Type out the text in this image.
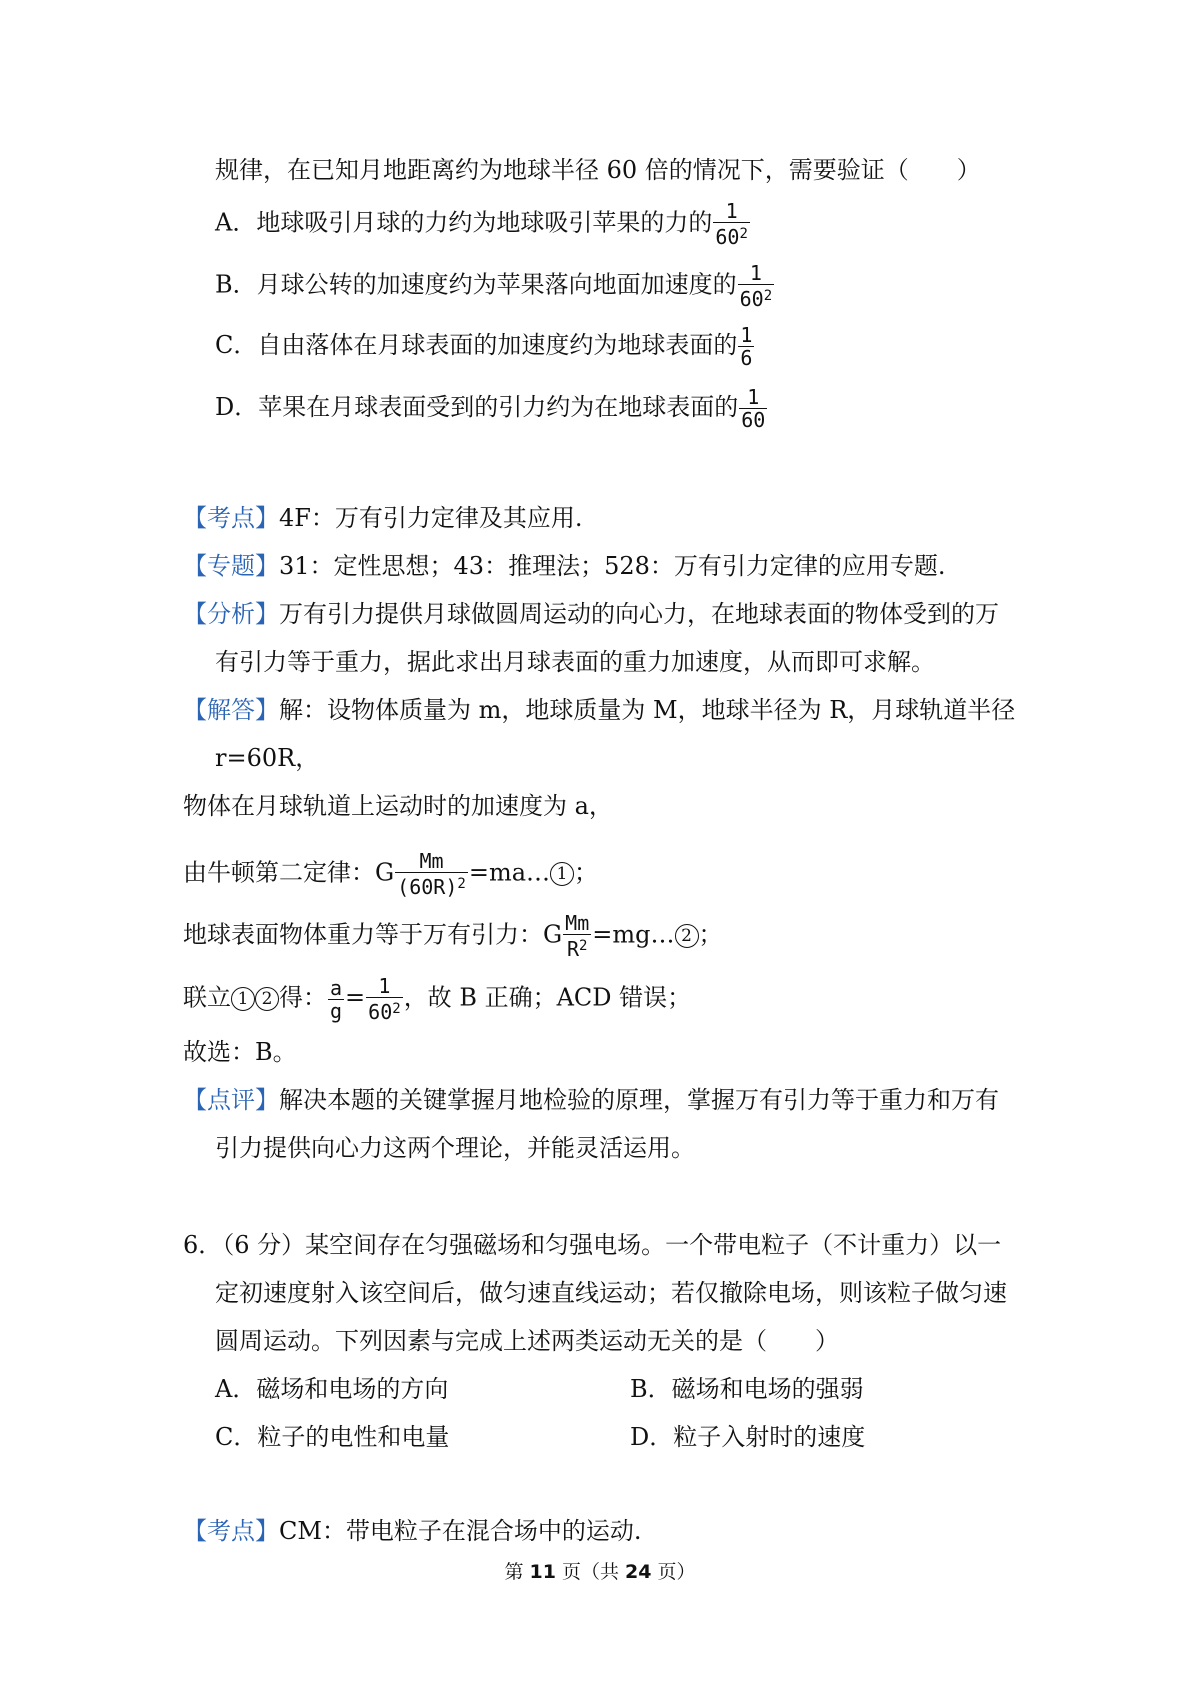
规律，在已知月地距离约为地球半径 60 倍的情况下，需要验证（　　）
A．地球吸引月球的力约为地球吸引苹果的力的 $\frac{1}{60^2}$
B．月球公转的加速度约为苹果落向地面加速度的 $\frac{1}{60^2}$
C．自由落体在月球表面的加速度约为地球表面的 $\frac{1}{6}$
D．苹果在月球表面受到的引力约为在地球表面的 $\frac{1}{60}$
【考点】4F：万有引力定律及其应用.
【专题】31：定性思想；43：推理法；528：万有引力定律的应用专题.
【分析】万有引力提供月球做圆周运动的向心力，在地球表面的物体受到的万
有引力等于重力，据此求出月球表面的重力加速度，从而即可求解。
【解答】解：设物体质量为 m，地球质量为 M，地球半径为 R，月球轨道半径
r=60R，
物体在月球轨道上运动时的加速度为 a，
由牛顿第二定律：G $\frac{Mm}{(60R)^2}$ =ma… 1 ；
地球表面物体重力等于万有引力：G $\frac{Mm}{R^2}$ =mg… 2 ；
联立 1 2 得： $\frac{a}{g} = \frac{1}{60^2}$ ，故 B 正确；ACD 错误；
故选：B。
【点评】解决本题的关键掌握月地检验的原理，掌握万有引力等于重力和万有
引力提供向心力这两个理论，并能灵活运用。
6．（6 分）某空间存在匀强磁场和匀强电场。一个带电粒子（不计重力）以一
定初速度射入该空间后，做匀速直线运动；若仅撤除电场，则该粒子做匀速
圆周运动。下列因素与完成上述两类运动无关的是（　　）
A．磁场和电场的方向	B．磁场和电场的强弱
C．粒子的电性和电量	D．粒子入射时的速度
【考点】CM：带电粒子在混合场中的运动.
第 11 页（共 24 页）
